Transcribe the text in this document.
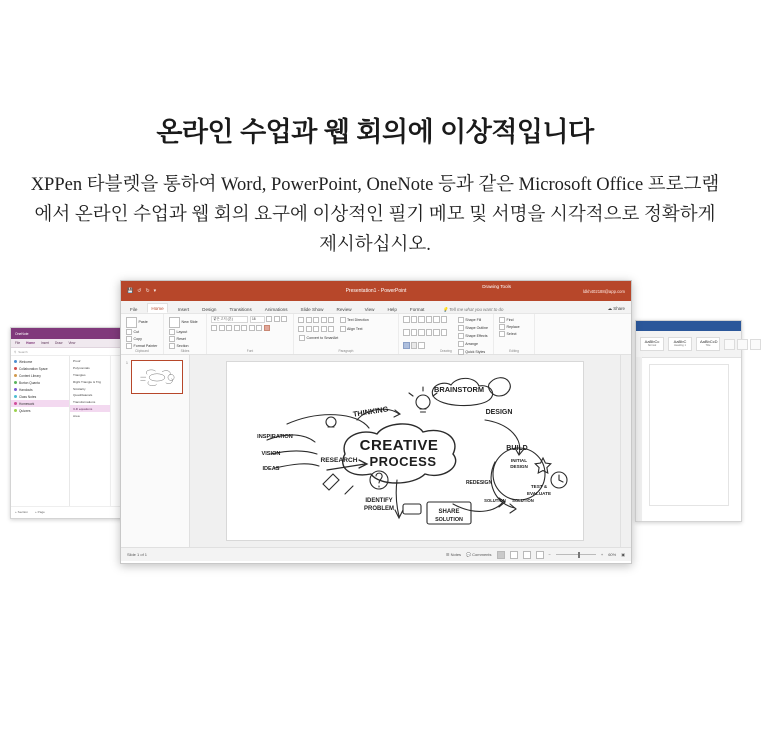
온라인 수업과 웹 회의에 이상적입니다

XPPen 타블렛을 통하여 Word, PowerPoint, OneNote 등과 같은 Microsoft Office 프로그램에서 온라인 수업과 웹 회의 요구에 이상적인 필기 메모 및 서명을 시각적으로 정확하게 제시하십시오.

OneNote
File Home Insert Draw View
⚲ Search
Welcome
Collaboration Space
Content Library
Burton Quanta
Handouts
Class Notes
Homework
Quizzes
Proof
Polynomials
Triangles
Right Triangle & Trig
Similarity
Quadrilaterals
Transformations
3-D equations
Area
+ Section + Page
AaBbCc
Normal
AaBbC
Heading 1
AaBbCcD
Title
💾 ↺ ↻ ▾	Presentation1 - PowerPoint
Drawing Tools
ldkh402188@app.com
File	Home	Insert	Design	Transitions	Animations	Slide Show	Review	View	Help	Format	💡 Tell me what you want to do	☁ Share
Paste
Cut
Copy
Format Painter
Clipboard
New Slide
Layout
Reset
Section
Slides
맑은 고딕 (본)	18
Font
Text Direction
Align Text
Convert to SmartArt
Paragraph
Shape Fill
Shape Outline
Shape Effects
Arrange
Quick Styles
Drawing
Find
Replace
Select
Editing
1
CREATIVE
PROCESS
BRAINSTORM
THINKING	DESIGN
INSPIRATION
VISION
IDEAS
RESEARCH
BUILD
INITIAL
DESIGN
REDESIGN
TEST &
EVALUATE
SOLUTION SOLUTION
IDENTIFY
PROBLEM	SHARE
SOLUTION
Slide 1 of 1	☰ Notes 💬 Comments	−	+ 60% ▣
